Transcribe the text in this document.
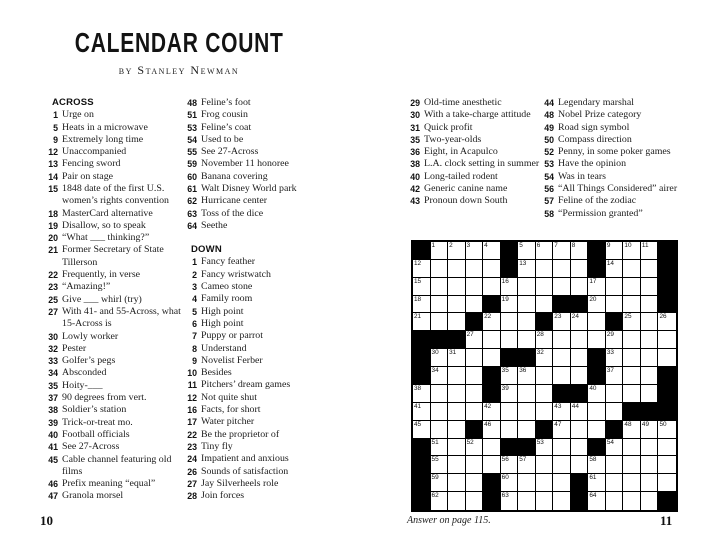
CALENDAR COUNT
by Stanley Newman
ACROSS
1 Urge on
5 Heats in a microwave
9 Extremely long time
12 Unaccompanied
13 Fencing sword
14 Pair on stage
15 1848 date of the first U.S. women’s rights convention
18 MasterCard alternative
19 Disallow, so to speak
20 “What ___ thinking?”
21 Former Secretary of State Tillerson
22 Frequently, in verse
23 “Amazing!”
25 Give ___ whirl (try)
27 With 41- and 55-Across, what 15-Across is
30 Lowly worker
32 Pester
33 Golfer’s pegs
34 Absconded
35 Hoity-___
37 90 degrees from vert.
38 Soldier’s station
39 Trick-or-treat mo.
40 Football officials
41 See 27-Across
45 Cable channel featuring old films
46 Prefix meaning “equal”
47 Granola morsel
48 Feline’s foot
51 Frog cousin
53 Feline’s coat
54 Used to be
55 See 27-Across
59 November 11 honoree
60 Banana covering
61 Walt Disney World park
62 Hurricane center
63 Toss of the dice
64 Seethe
DOWN
1 Fancy feather
2 Fancy wristwatch
3 Cameo stone
4 Family room
5 High point
6 High point
7 Puppy or parrot
8 Understand
9 Novelist Ferber
10 Besides
11 Pitchers’ dream games
12 Not quite shut
16 Facts, for short
17 Water pitcher
22 Be the proprietor of
23 Tiny fly
24 Impatient and anxious
26 Sounds of satisfaction
27 Jay Silverheels role
28 Join forces
29 Old-time anesthetic
30 With a take-charge attitude
31 Quick profit
35 Two-year-olds
36 Eight, in Acapulco
38 L.A. clock setting in summer
40 Long-tailed rodent
42 Generic canine name
43 Pronoun down South
44 Legendary marshal
48 Nobel Prize category
49 Road sign symbol
50 Compass direction
52 Penny, in some poker games
53 Have the opinion
54 Was in tears
56 “All Things Considered” airer
57 Feline of the zodiac
58 “Permission granted”
1 2 3 4	5 6 7 8	9 10 11
12	13	14
15	16	17
18	19	20
21	22	23 24	25	26
27	28	29
30 31	32	33
34	35 36	37
38	39	40
41	42	43 44
45	46	47	48 49 50
51	52	53	54
55	56 57	58
59	60	61
62	63	64
10	Answer on page 115.	11
